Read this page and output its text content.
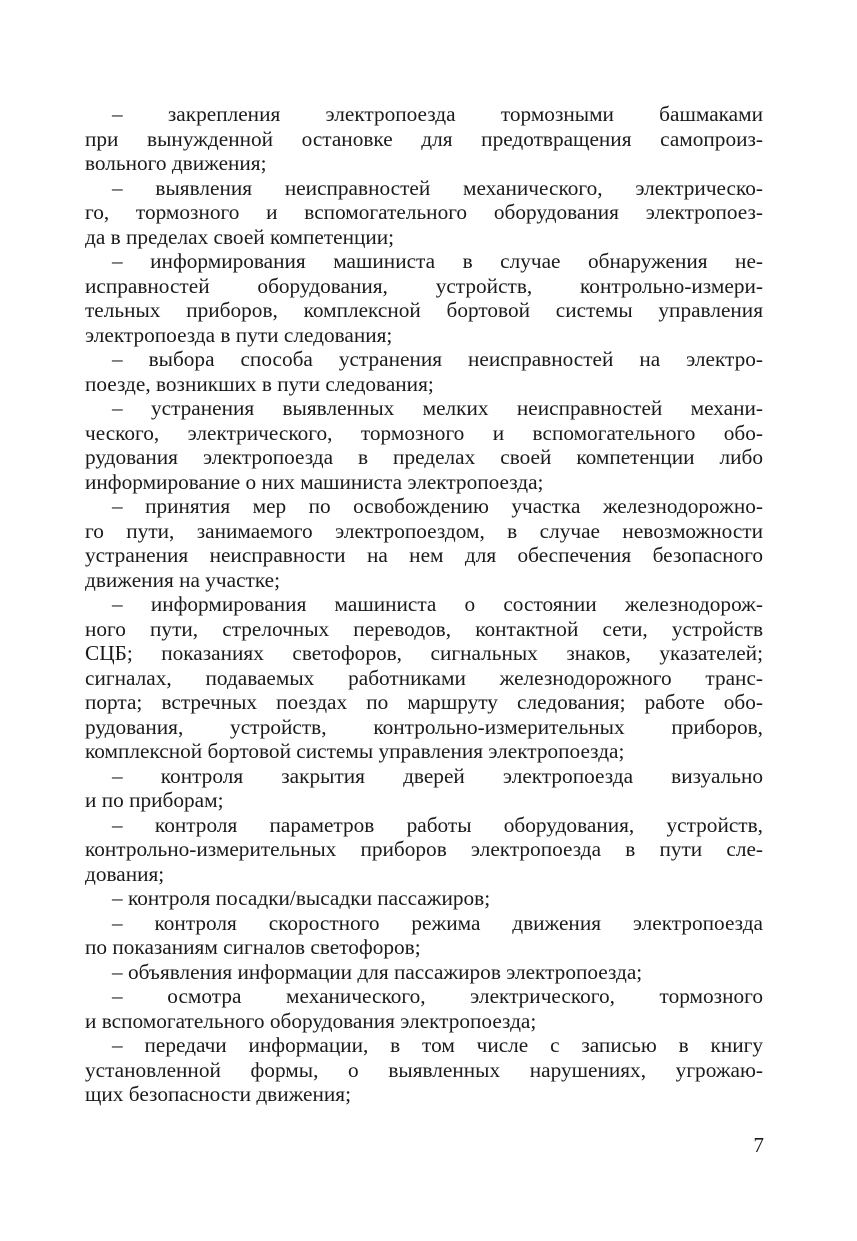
– закрепления электропоезда тормозными башмаками
при вынужденной остановке для предотвращения самопроиз-
вольного движения;
– выявления неисправностей механического, электрическо-
го, тормозного и вспомогательного оборудования электропоез-
да в пределах своей компетенции;
– информирования машиниста в случае обнаружения не-
исправностей оборудования, устройств, контрольно-измери-
тельных приборов, комплексной бортовой системы управления
электропоезда в пути следования;
– выбора способа устранения неисправностей на электро-
поезде, возникших в пути следования;
– устранения выявленных мелких неисправностей механи-
ческого, электрического, тормозного и вспомогательного обо-
рудования электропоезда в пределах своей компетенции либо
информирование о них машиниста электропоезда;
– принятия мер по освобождению участка железнодорожно-
го пути, занимаемого электропоездом, в случае невозможности
устранения неисправности на нем для обеспечения безопасного
движения на участке;
– информирования машиниста о состоянии железнодорож-
ного пути, стрелочных переводов, контактной сети, устройств
СЦБ; показаниях светофоров, сигнальных знаков, указателей;
сигналах, подаваемых работниками железнодорожного транс-
порта; встречных поездах по маршруту следования; работе обо-
рудования, устройств, контрольно-измерительных приборов,
комплексной бортовой системы управления электропоезда;
– контроля закрытия дверей электропоезда визуально
и по приборам;
– контроля параметров работы оборудования, устройств,
контрольно-измерительных приборов электропоезда в пути сле-
дования;
– контроля посадки/высадки пассажиров;
– контроля скоростного режима движения электропоезда
по показаниям сигналов светофоров;
– объявления информации для пассажиров электропоезда;
– осмотра механического, электрического, тормозного
и вспомогательного оборудования электропоезда;
– передачи информации, в том числе с записью в книгу
установленной формы, о выявленных нарушениях, угрожаю-
щих безопасности движения;
7
